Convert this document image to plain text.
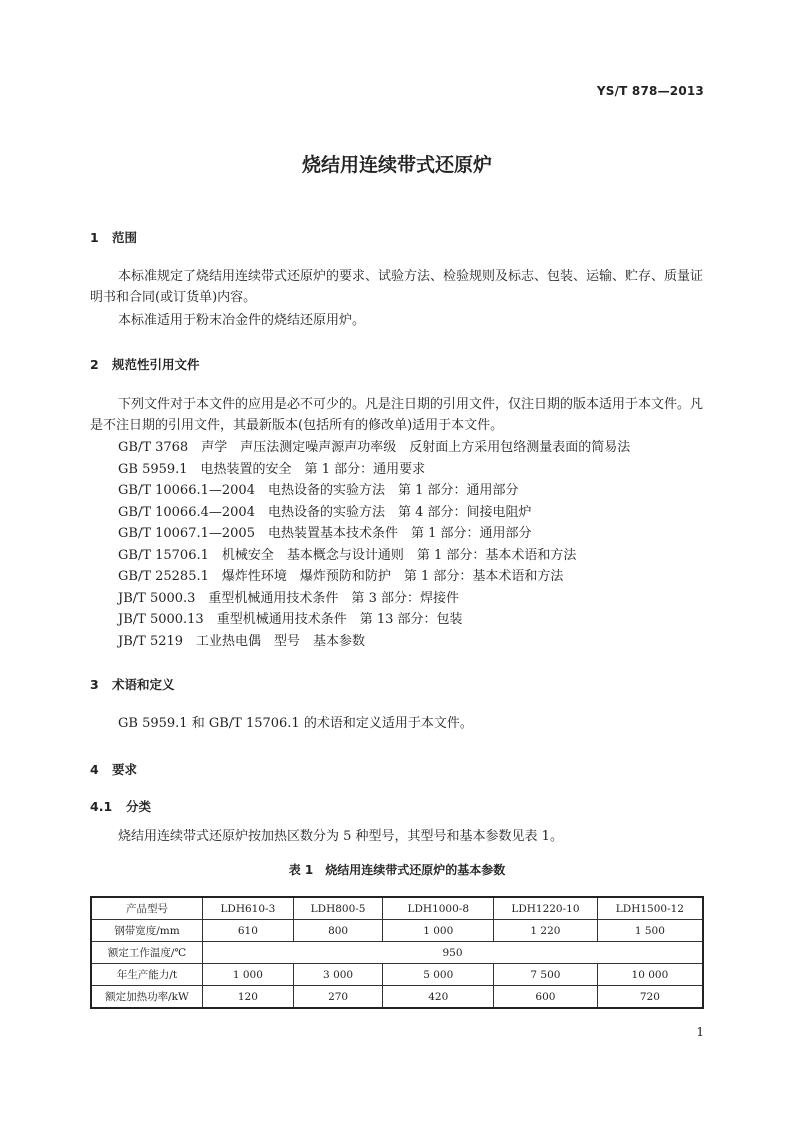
YS/T 878—2013
烧结用连续带式还原炉
1 范围

本标准规定了烧结用连续带式还原炉的要求、试验方法、检验规则及标志、包装、运输、贮存、质量证明书和合同(或订货单)内容。

本标准适用于粉末冶金件的烧结还原用炉。

2 规范性引用文件

下列文件对于本文件的应用是必不可少的。凡是注日期的引用文件，仅注日期的版本适用于本文件。凡是不注日期的引用文件，其最新版本(包括所有的修改单)适用于本文件。

GB/T 3768　声学　声压法测定噪声源声功率级　反射面上方采用包络测量表面的简易法
GB 5959.1　电热装置的安全　第 1 部分：通用要求
GB/T 10066.1—2004　电热设备的实验方法　第 1 部分：通用部分
GB/T 10066.4—2004　电热设备的实验方法　第 4 部分：间接电阻炉
GB/T 10067.1—2005　电热装置基本技术条件　第 1 部分：通用部分
GB/T 15706.1　机械安全　基本概念与设计通则　第 1 部分：基本术语和方法
GB/T 25285.1　爆炸性环境　爆炸预防和防护　第 1 部分：基本术语和方法
JB/T 5000.3　重型机械通用技术条件　第 3 部分：焊接件
JB/T 5000.13　重型机械通用技术条件　第 13 部分：包装
JB/T 5219　工业热电偶　型号　基本参数
3 术语和定义

GB 5959.1 和 GB/T 15706.1 的术语和定义适用于本文件。

4 要求
4.1 分类

烧结用连续带式还原炉按加热区数分为 5 种型号，其型号和基本参数见表 1。

表 1　烧结用连续带式还原炉的基本参数
产品型号	LDH610-3	LDH800-5	LDH1000-8	LDH1220-10	LDH1500-12
钢带宽度/mm	610	800	1 000	1 220	1 500
额定工作温度/℃	950				
年生产能力/t	1 000	3 000	5 000	7 500	10 000
额定加热功率/kW	120	270	420	600	720
1
